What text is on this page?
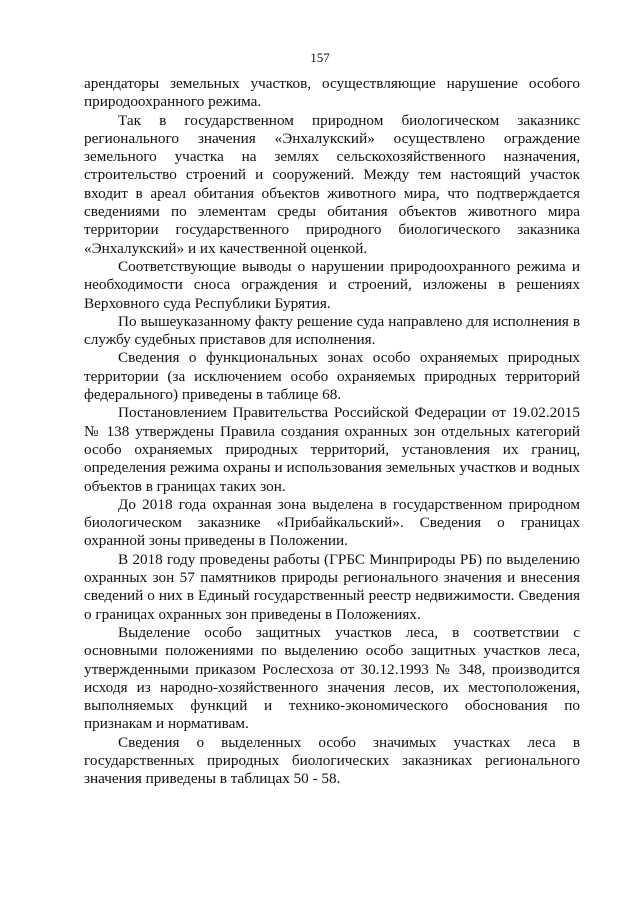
157

арендаторы земельных участков, осуществляющие нарушение особого природоохранного режима.

Так в государственном природном биологическом заказникс регионального значения «Энхалукский» осуществлено ограждение земельного участка на землях сельскохозяйственного назначения, строительство строений и сооружений. Между тем настоящий участок входит в ареал обитания объектов животного мира, что подтверждается сведениями по элементам среды обитания объектов животного мира территории государственного природного биологического заказника «Энхалукский» и их качественной оценкой.

Соответствующие выводы о нарушении природоохранного режима и необходимости сноса ограждения и строений, изложены в решениях Верховного суда Республики Бурятия.

По вышеуказанному факту решение суда направлено для исполнения в службу судебных приставов для исполнения.

Сведения о функциональных зонах особо охраняемых природных территории (за исключением особо охраняемых природных территорий федерального) приведены в таблице 68.

Постановлением Правительства Российской Федерации от 19.02.2015 № 138 утверждены Правила создания охранных зон отдельных категорий особо охраняемых природных территорий, установления их границ, определения режима охраны и использования земельных участков и водных объектов в границах таких зон.

До 2018 года охранная зона выделена в государственном природном биологическом заказнике «Прибайкальский». Сведения о границах охранной зоны приведены в Положении.

В 2018 году проведены работы (ГРБС Минприроды РБ) по выделению охранных зон 57 памятников природы регионального значения и внесения сведений о них в Единый государственный реестр недвижимости. Сведения о границах охранных зон приведены в Положениях.

Выделение особо защитных участков леса, в соответствии с основными положениями по выделению особо защитных участков леса, утвержденными приказом Рослесхоза от 30.12.1993 № 348, производится исходя из народно-хозяйственного значения лесов, их местоположения, выполняемых функций и технико-экономического обоснования по признакам и нормативам.

Сведения о выделенных особо значимых участках леса в государственных природных биологических заказниках регионального значения приведены в таблицах 50 - 58.
